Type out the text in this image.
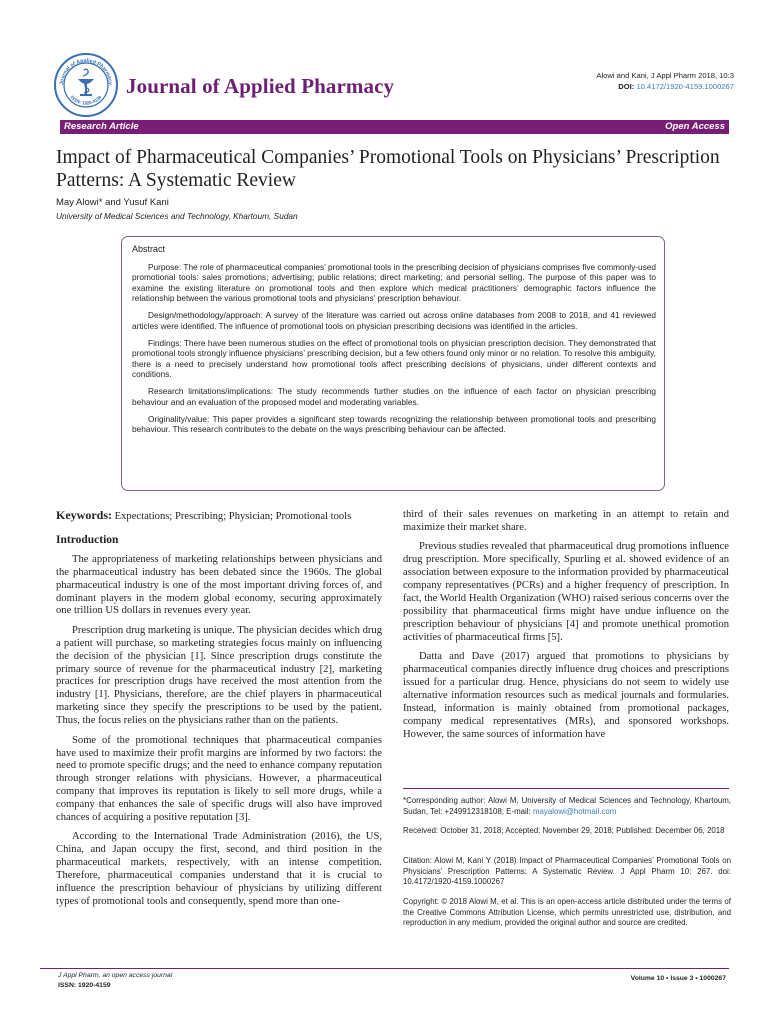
Journal of Applied Pharmacy
ISSN: 1920-4159 Journal of Applied Pharmacy	Alowi and Kani, J Appl Pharm 2018, 10:3
DOI: 10.4172/1920-4159.1000267
Research Article	Open Access
Impact of Pharmaceutical Companies’ Promotional Tools on Physicians’ Prescription Patterns: A Systematic Review
May Alowi* and Yusuf Kani
University of Medical Sciences and Technology, Khartoum, Sudan
Abstract

Purpose: The role of pharmaceutical companies’ promotional tools in the prescribing decision of physicians comprises five commonly-used promotional tools: sales promotions; advertising; public relations; direct marketing; and personal selling. The purpose of this paper was to examine the existing literature on promotional tools and then explore which medical practitioners’ demographic factors influence the relationship between the various promotional tools and physicians’ prescription behaviour.

Design/methodology/approach: A survey of the literature was carried out across online databases from 2008 to 2018, and 41 reviewed articles were identified. The influence of promotional tools on physician prescribing decisions was identified in the articles.

Findings: There have been numerous studies on the effect of promotional tools on physician prescription decision. They demonstrated that promotional tools strongly influence physicians’ prescribing decision, but a few others found only minor or no relation. To resolve this ambiguity, there is a need to precisely understand how promotional tools affect prescribing decisions of physicians, under different contexts and conditions.

Research limitations/implications: The study recommends further studies on the influence of each factor on physician prescribing behaviour and an evaluation of the proposed model and moderating variables.

Originality/value: This paper provides a significant step towards recognizing the relationship between promotional tools and prescribing behaviour. This research contributes to the debate on the ways prescribing behaviour can be affected.

Keywords: Expectations; Prescribing; Physician; Promotional tools

Introduction

The appropriateness of marketing relationships between physicians and the pharmaceutical industry has been debated since the 1960s. The global pharmaceutical industry is one of the most important driving forces of, and dominant players in the modern global economy, securing approximately one trillion US dollars in revenues every year.

Prescription drug marketing is unique. The physician decides which drug a patient will purchase, so marketing strategies focus mainly on influencing the decision of the physician [1]. Since prescription drugs constitute the primary source of revenue for the pharmaceutical industry [2], marketing practices for prescription drugs have received the most attention from the industry [1]. Physicians, therefore, are the chief players in pharmaceutical marketing since they specify the prescriptions to be used by the patient. Thus, the focus relies on the physicians rather than on the patients.

Some of the promotional techniques that pharmaceutical companies have used to maximize their profit margins are informed by two factors: the need to promote specific drugs; and the need to enhance company reputation through stronger relations with physicians. However, a pharmaceutical company that improves its reputation is likely to sell more drugs, while a company that enhances the sale of specific drugs will also have improved chances of acquiring a positive reputation [3].

According to the International Trade Administration (2016), the US, China, and Japan occupy the first, second, and third position in the pharmaceutical markets, respectively, with an intense competition. Therefore, pharmaceutical companies understand that it is crucial to influence the prescription behaviour of physicians by utilizing different types of promotional tools and consequently, spend more than one-

third of their sales revenues on marketing in an attempt to retain and maximize their market share.

Previous studies revealed that pharmaceutical drug promotions influence drug prescription. More specifically, Spurling et al. showed evidence of an association between exposure to the information provided by pharmaceutical company representatives (PCRs) and a higher frequency of prescription. In fact, the World Health Organization (WHO) raised serious concerns over the possibility that pharmaceutical firms might have undue influence on the prescription behaviour of physicians [4] and promote unethical promotion activities of pharmaceutical firms [5].

Datta and Dave (2017) argued that promotions to physicians by pharmaceutical companies directly influence drug choices and prescriptions issued for a particular drug. Hence, physicians do not seem to widely use alternative information resources such as medical journals and formularies. Instead, information is mainly obtained from promotional packages, company medical representatives (MRs), and sponsored workshops. However, the same sources of information have

*Corresponding author: Alowi M, University of Medical Sciences and Technology, Khartoum, Sudan, Tel: +249912318108; E-mail: mayalowi@hotmail.com
Received: October 31, 2018; Accepted: November 29, 2018; Published: December 06, 2018
Citation: Alowi M, Kani Y (2018) Impact of Pharmaceutical Companies’ Promotional Tools on Physicians’ Prescription Patterns: A Systematic Review. J Appl Pharm 10: 267. doi: 10.4172/1920-4159.1000267
Copyright: © 2018 Alowi M, et al. This is an open-access article distributed under the terms of the Creative Commons Attribution License, which permits unrestricted use, distribution, and reproduction in any medium, provided the original author and source are credited.
J Appl Pharm, an open access journal
ISSN: 1920-4159
Volume 10 • Issue 3 • 1000267
